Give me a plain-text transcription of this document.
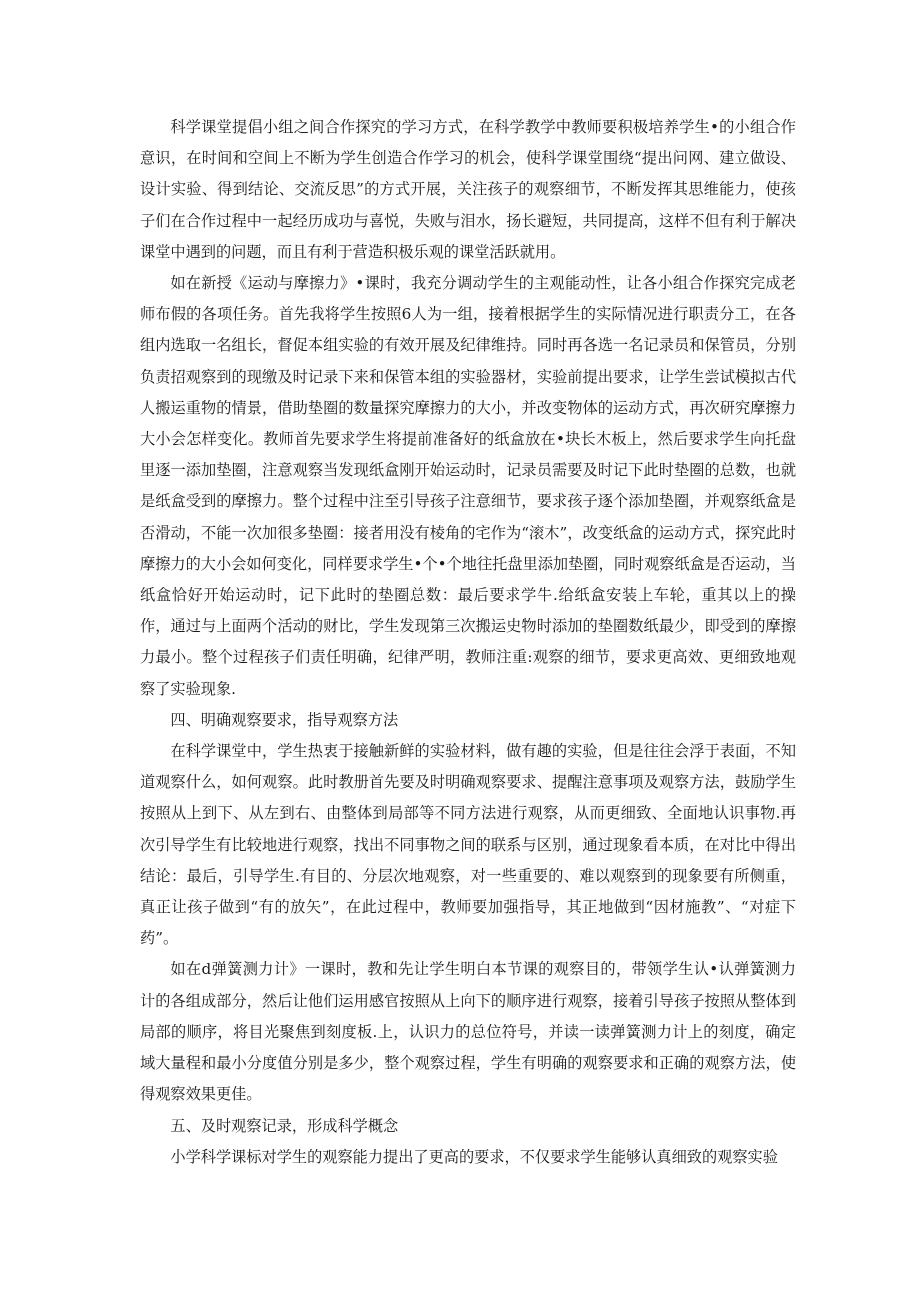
科学课堂提倡小组之间合作探究的学习方式，在科学教学中教师要积极培养学生•的小组合作意识，在时间和空间上不断为学生创造合作学习的机会，使科学课堂围绕“提出问网、建立做设、设计实验、得到结论、交流反思”的方式开展，关注孩子的观察细节，不断发挥其思维能力，使孩子们在合作过程中一起经历成功与喜悦，失败与泪水，扬长避短，共同提高，这样不但有利于解决课堂中遇到的问题，而且有利于营造积极乐观的课堂活跃就用。

如在新授《运动与摩擦力》•课时，我充分调动学生的主观能动性，让各小组合作探究完成老师布假的各项任务。首先我将学生按照6人为一组，接着根据学生的实际情况进行职责分工，在各组内选取一名组长，督促本组实验的有效开展及纪律维持。同时再各选一名记录员和保管员，分别负责招观察到的现缴及时记录下来和保管本组的实验器材，实验前提出要求，让学生尝试模拟古代人搬运重物的情景，借助垫圈的数量探究摩擦力的大小，并改变物体的运动方式，再次研究摩擦力大小会怎样变化。教师首先要求学生将提前准备好的纸盒放在•块长木板上，然后要求学生向托盘里逐一添加垫圈，注意观察当发现纸盒刚开始运动时，记录员需要及时记下此时垫圈的总数，也就是纸盒受到的摩擦力。整个过程中注至引导孩子注意细节，要求孩子逐个添加垫圈，并观察纸盒是否滑动，不能一次加很多垫圈：接者用没有棱角的宅作为“滚木”，改变纸盒的运动方式，探究此时摩擦力的大小会如何变化，同样要求学生•个•个地往托盘里添加垫圈，同时观察纸盒是否运动，当纸盒恰好开始运动时，记下此时的垫圈总数：最后要求学牛.给纸盒安装上车轮，重其以上的操作，通过与上面两个活动的财比，学生发现第三次搬运史物时添加的垫圈数纸最少，即受到的摩擦力最小。整个过程孩子们责任明确，纪律严明，教师注重:观察的细节，要求更高效、更细致地观察了实验现象.

四、明确观察要求，指导观察方法

在科学课堂中，学生热衷于接触新鲜的实验材料，做有趣的实验，但是往往会浮于表面，不知道观察什么，如何观察。此时教册首先要及时明确观察要求、提醒注意事项及观察方法，鼓励学生按照从上到下、从左到右、由整体到局部等不同方法进行观察，从而更细致、全面地认识事物.再次引导学生有比较地进行观察，找出不同事物之间的联系与区别，通过现象看本质，在对比中得出结论：最后，引导学生.有目的、分层次地观察，对一些重要的、难以观察到的现象要有所侧重，真正让孩子做到“有的放矢”，在此过程中，教师要加强指导，其正地做到“因材施教”、“对症下药”。

如在d弹簧测力计》一课时，教和先让学生明白本节课的观察目的，带领学生认•认弹簧测力计的各组成部分，然后让他们运用感官按照从上向下的顺序进行观察，接着引导孩子按照从整体到局部的顺序，将目光聚焦到刻度板.上，认识力的总位符号，并读一读弹簧测力计上的刻度，确定域大量程和最小分度值分别是多少，整个观察过程，学生有明确的观察要求和正确的观察方法，使得观察效果更佳。

五、及时观察记录，形成科学概念

小学科学课标对学生的观察能力提出了更高的要求，不仅要求学生能够认真细致的观察实验
